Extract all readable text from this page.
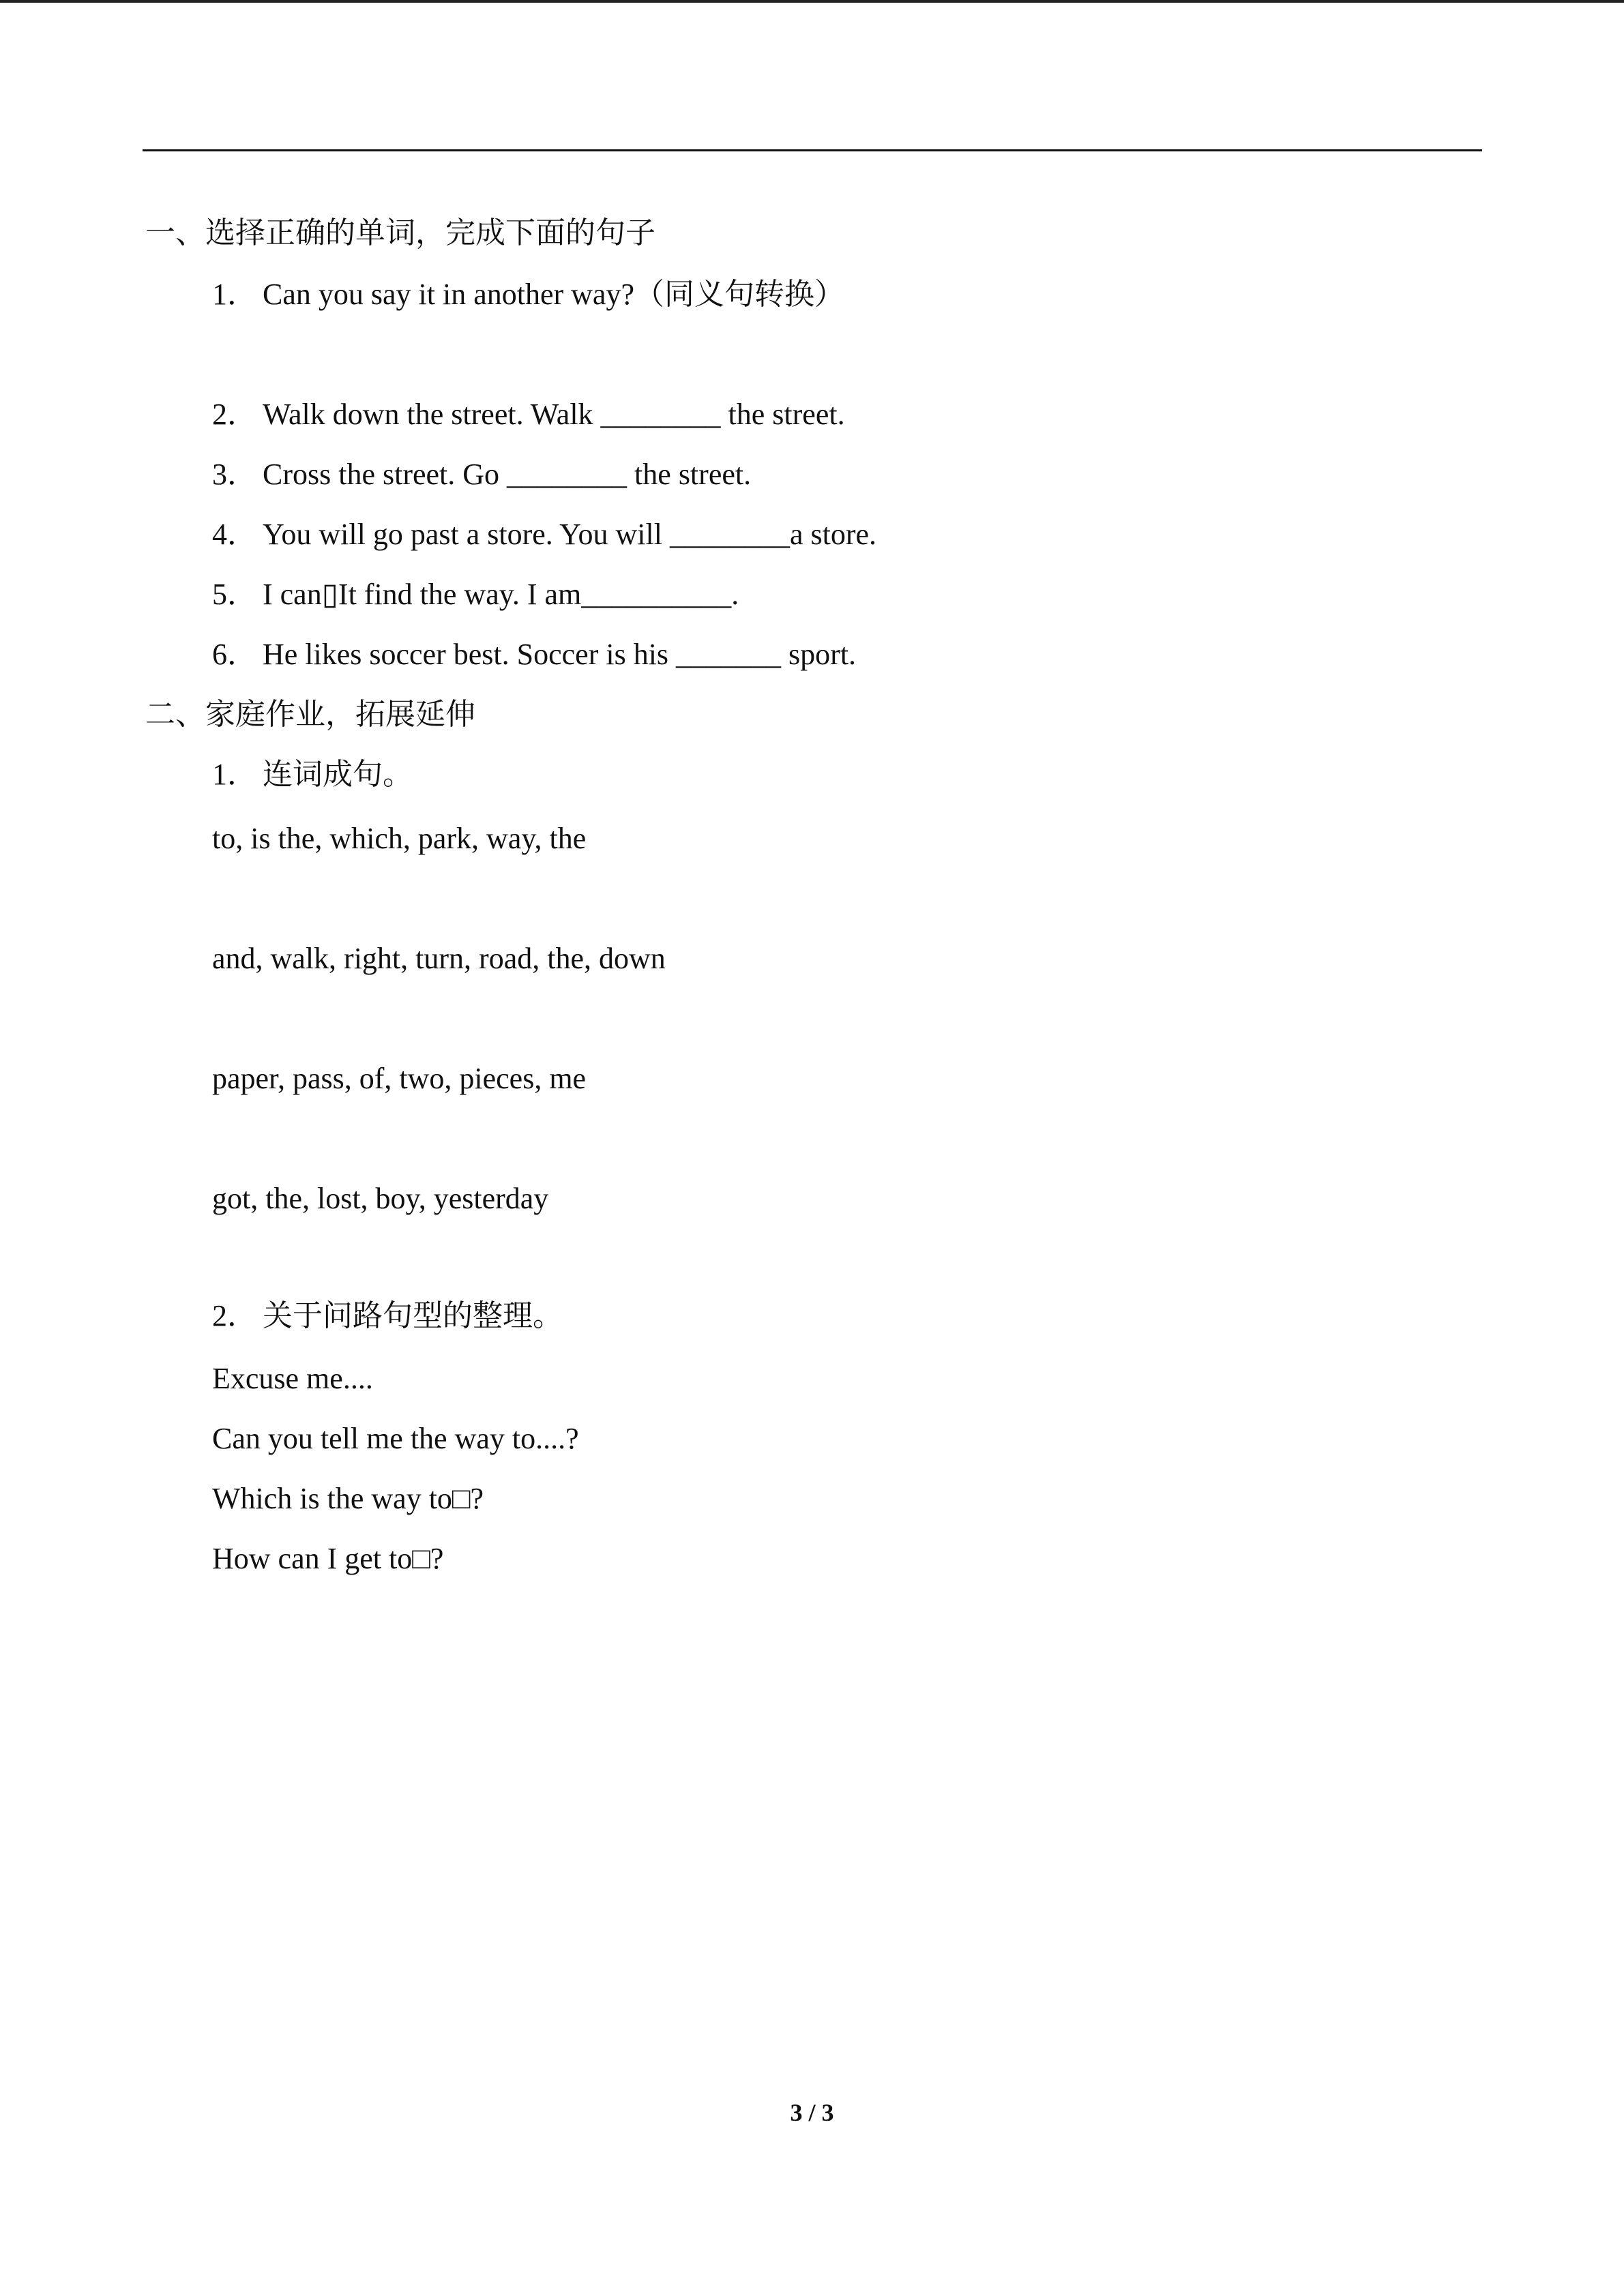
一、选择正确的单词，完成下面的句子
1． Can you say it in another way?（同义句转换）
2． Walk down the street. Walk ________ the street.
3． Cross the street. Go ________ the street.
4． You will go past a store. You will ________a store.
5． I can▯It find the way. I am__________.
6． He likes soccer best. Soccer is his _______ sport.
二、家庭作业，拓展延伸
1． 连词成句。
to, is the, which, park, way, the
and, walk, right, turn, road, the, down
paper, pass, of, two, pieces, me
got, the, lost, boy, yesterday
2． 关于问路句型的整理。
Excuse me....
Can you tell me the way to....?
Which is the way to□?
How can I get to□?
3 / 3
